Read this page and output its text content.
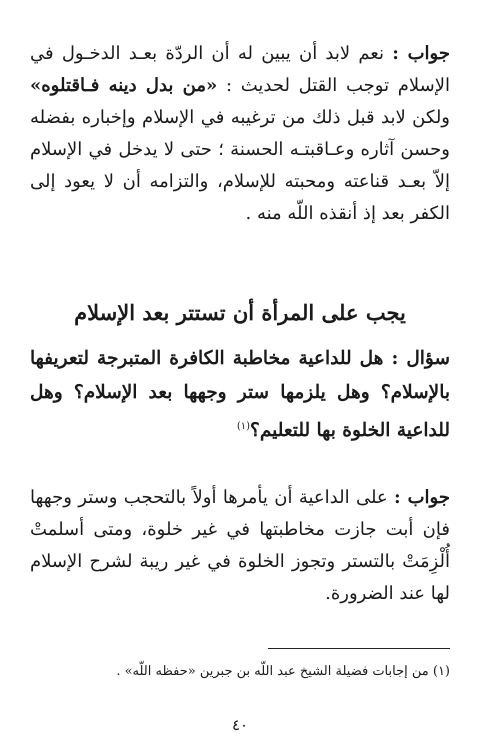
جواب : نعم لابد أن يبين له أن الردّة بعـد الدخـول في الإسلام توجب القتل لحديث : «من بدل دينه فـاقتلوه» ولكن لابد قبل ذلك من ترغيبه في الإسلام وإخباره بفضله وحسن آثاره وعـاقبتـه الحسنة ؛ حتى لا يدخل في الإسلام إلاّ بعـد قناعته ومحبته للإسلام، والتزامه أن لا يعود إلى الكفر بعد إذ أنقذه اللّه منه .

يجب على المرأة أن تستتر بعد الإسلام

سؤال : هل للداعية مخاطبة الكافرة المتبرجة لتعريفها بالإسلام؟ وهل يلزمها ستر وجهها بعد الإسلام؟ وهل للداعية الخلوة بها للتعليم؟$^{(١)}$

جواب : على الداعية أن يأمرها أولاً بالتحجب وستر وجهها فإن أبت جازت مخاطبتها في غير خلوة، ومتى أسلمتْ أُلْزِمَتْ بالتستر وتجوز الخلوة في غير ريبة لشرح الإسلام لها عند الضرورة.

(١) من إجابات فضيلة الشيخ عبد اللّه بن جبرين «حفظه اللّه» .

٤٠
